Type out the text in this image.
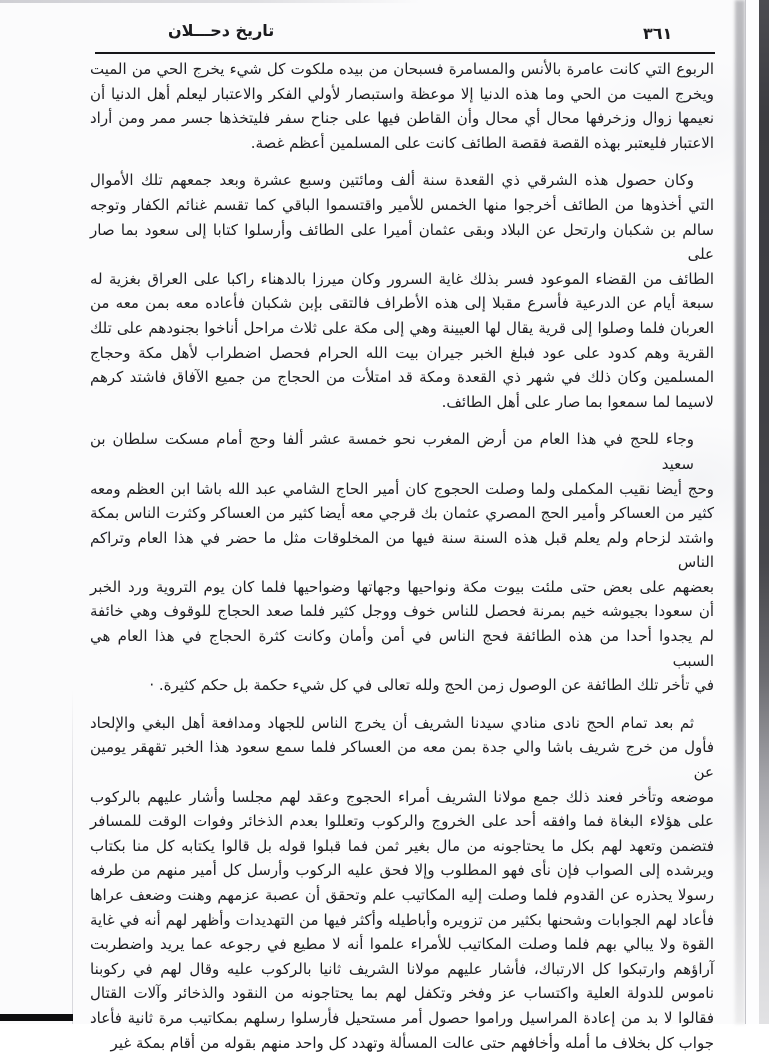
٣٦١
تاريخ دحـــلان
الربوع التي كانت عامرة بالأنس والمسامرة فسبحان من بيده ملكوت كل شيء يخرج الحي من الميت
ويخرج الميت من الحي وما هذه الدنيا إلا موعظة واستبصار لأولي الفكر والاعتبار ليعلم أهل الدنيا أن
نعيمها زوال وزخرفها محال أي محال وأن القاطن فيها على جناح سفر فليتخذها جسر ممر ومن أراد
الاعتبار فليعتبر بهذه القصة فقصة الطائف كانت على المسلمين أعظم غصة.
وكان حصول هذه الشرقي ذي القعدة سنة ألف ومائتين وسبع عشرة وبعد جمعهم تلك الأموال
التي أخذوها من الطائف أخرجوا منها الخمس للأمير واقتسموا الباقي كما تقسم غنائم الكفار وتوجه
سالم بن شكبان وارتحل عن البلاد وبقى عثمان أميرا على الطائف وأرسلوا كتابا إلى سعود بما صار على
الطائف من القضاء الموعود فسر بذلك غاية السرور وكان ميرزا بالدهناء راكبا على العراق بغزية له
سبعة أيام عن الدرعية فأسرع مقبلا إلى هذه الأطراف فالتقى بإبن شكبان فأعاده معه بمن معه من
العربان فلما وصلوا إلى قرية يقال لها العيينة وهي إلى مكة على ثلاث مراحل أناخوا بجنودهم على تلك
القرية وهم كدود على عود فبلغ الخبر جيران بيت الله الحرام فحصل اضطراب لأهل مكة وحجاج
المسلمين وكان ذلك في شهر ذي القعدة ومكة قد امتلأت من الحجاج من جميع الآفاق فاشتد كرهم
لاسيما لما سمعوا بما صار على أهل الطائف.
وجاء للحج في هذا العام من أرض المغرب نحو خمسة عشر ألفا وحج أمام مسكت سلطان بن سعيد
وحج أيضا نقيب المكملى ولما وصلت الحجوج كان أمير الحاج الشامي عبد الله باشا ابن العظم ومعه
كثير من العساكر وأمير الحج المصري عثمان بك قرجي معه أيضا كثير من العساكر وكثرت الناس بمكة
واشتد لزحام ولم يعلم قبل هذه السنة سنة فيها من المخلوقات مثل ما حضر في هذا العام وتراكم الناس
بعضهم على بعض حتى ملئت بيوت مكة ونواحيها وجهاتها وضواحيها فلما كان يوم التروية ورد الخبر
أن سعودا بجيوشه خيم بمرنة فحصل للناس خوف ووجل كثير فلما صعد الحجاج للوقوف وهي خائفة
لم يجدوا أحدا من هذه الطائفة فحج الناس في أمن وأمان وكانت كثرة الحجاج في هذا العام هي السبب
في تأخر تلك الطائفة عن الوصول زمن الحج ولله تعالى في كل شيء حكمة بل حكم كثيرة. ·
ثم بعد تمام الحج نادى منادي سيدنا الشريف أن يخرج الناس للجهاد ومدافعة أهل البغي والإلحاد
فأول من خرج شريف باشا والي جدة بمن معه من العساكر فلما سمع سعود هذا الخبر تقهقر يومين عن
موضعه وتأخر فعند ذلك جمع مولانا الشريف أمراء الحجوج وعقد لهم مجلسا وأشار عليهم بالركوب
على هؤلاء البغاة فما وافقه أحد على الخروج والركوب وتعللوا بعدم الذخائر وفوات الوقت للمسافر
فتضمن وتعهد لهم بكل ما يحتاجونه من مال بغير ثمن فما قبلوا قوله بل قالوا يكتابه كل منا بكتاب
ويرشده إلى الصواب فإن نأى فهو المطلوب وإلا فحق عليه الركوب وأرسل كل أمير منهم من طرفه
رسولا يحذره عن القدوم فلما وصلت إليه المكاتيب علم وتحقق أن عصبة عزمهم وهنت وضعف عراها
فأعاد لهم الجوابات وشحنها بكثير من تزويره وأباطيله وأكثر فيها من التهديدات وأظهر لهم أنه في غاية
القوة ولا يبالي بهم فلما وصلت المكاتيب للأمراء علموا أنه لا مطيع في رجوعه عما يريد واضطربت
آراؤهم وارتبكوا كل الارتباك، فأشار عليهم مولانا الشريف ثانيا بالركوب عليه وقال لهم في ركوبنا
ناموس للدولة العلية واكتساب عز وفخر وتكفل لهم بما يحتاجونه من النقود والذخائر وآلات القتال
فقالوا لا بد من إعادة المراسيل وراموا حصول أمر مستحيل فأرسلوا رسلهم بمكاتيب مرة ثانية فأعاد
جواب كل بخلاف ما أمله وأخافهم حتى عالت المسألة وتهدد كل واحد منهم بقوله من أقام بمكة غير
